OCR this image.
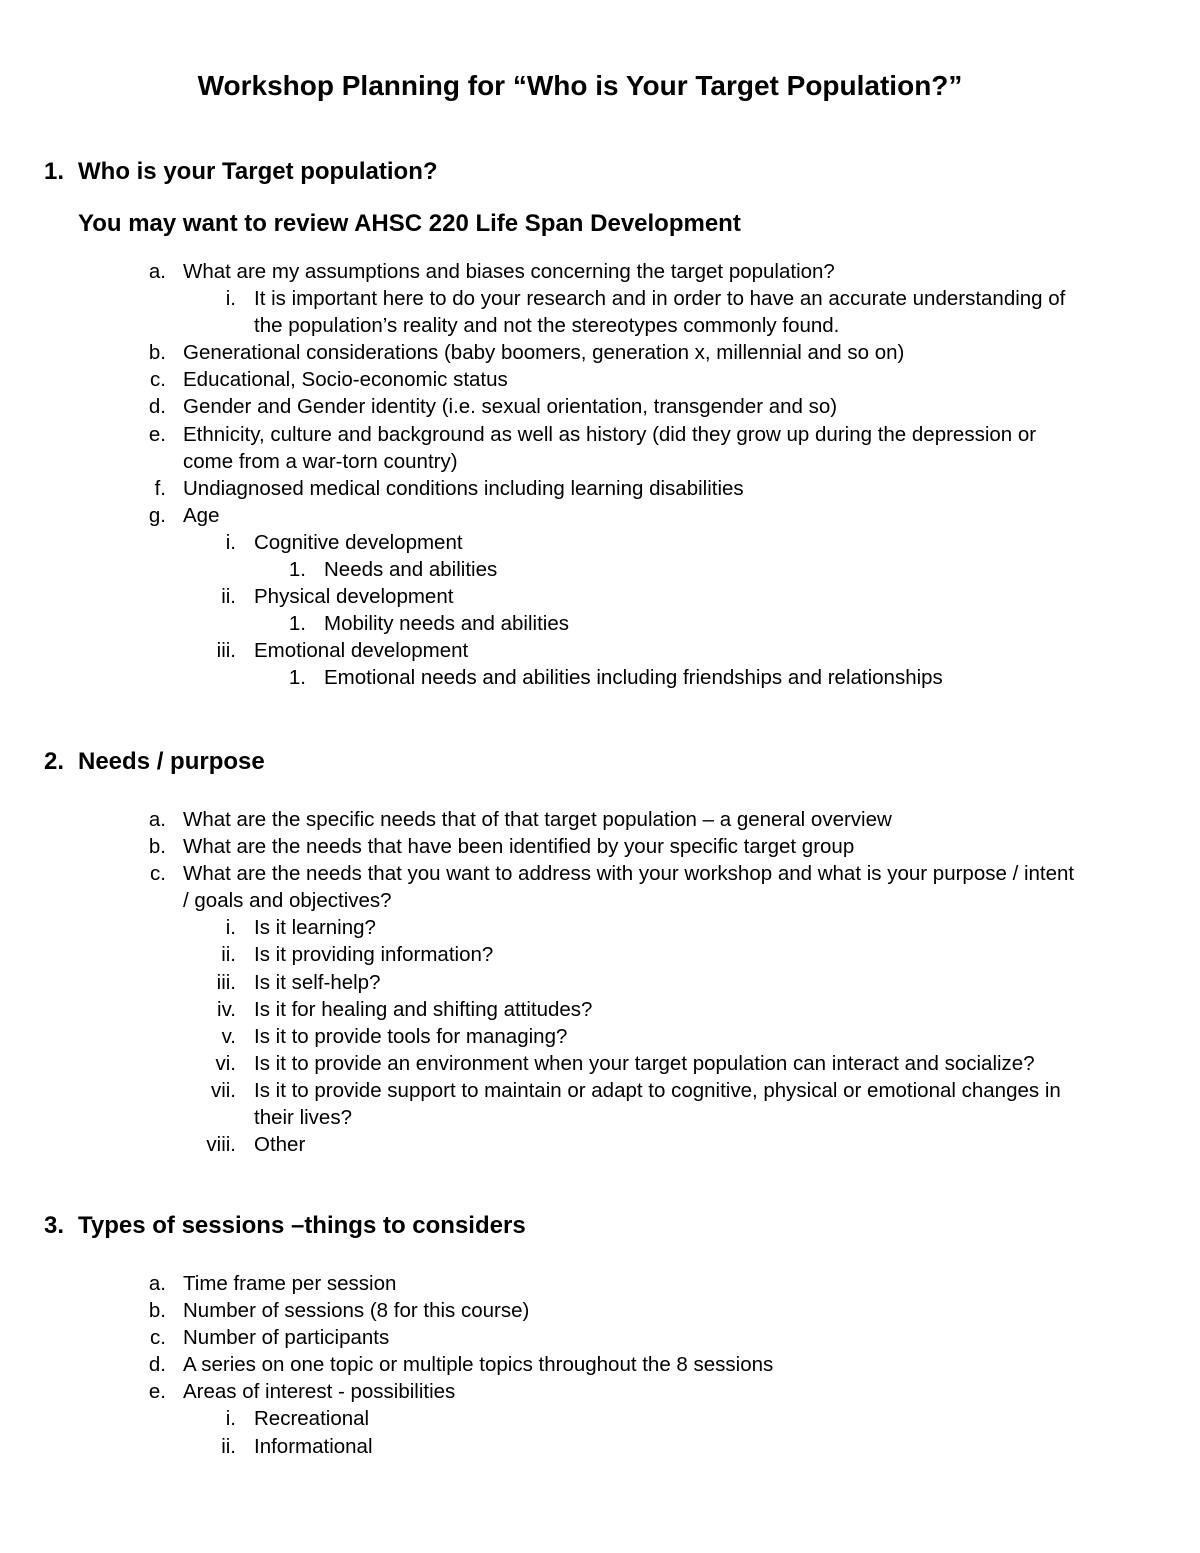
Workshop Planning for “Who is Your Target Population?”
1. Who is your Target population?
You may want to review AHSC 220 Life Span Development
a. What are my assumptions and biases concerning the target population?
i. It is important here to do your research and in order to have an accurate understanding of the population’s reality and not the stereotypes commonly found.
b. Generational considerations (baby boomers, generation x, millennial and so on)
c. Educational, Socio-economic status
d. Gender and Gender identity (i.e. sexual orientation, transgender and so)
e. Ethnicity, culture and background as well as history (did they grow up during the depression or come from a war-torn country)
f. Undiagnosed medical conditions including learning disabilities
g. Age
i. Cognitive development
1. Needs and abilities
ii. Physical development
1. Mobility needs and abilities
iii. Emotional development
1. Emotional needs and abilities including friendships and relationships
2. Needs / purpose
a. What are the specific needs that of that target population – a general overview
b. What are the needs that have been identified by your specific target group
c. What are the needs that you want to address with your workshop and what is your purpose / intent / goals and objectives?
i. Is it learning?
ii. Is it providing information?
iii. Is it self-help?
iv. Is it for healing and shifting attitudes?
v. Is it to provide tools for managing?
vi. Is it to provide an environment when your target population can interact and socialize?
vii. Is it to provide support to maintain or adapt to cognitive, physical or emotional changes in their lives?
viii. Other
3. Types of sessions –things to considers
a. Time frame per session
b. Number of sessions (8 for this course)
c. Number of participants
d. A series on one topic or multiple topics throughout the 8 sessions
e. Areas of interest - possibilities
i. Recreational
ii. Informational
